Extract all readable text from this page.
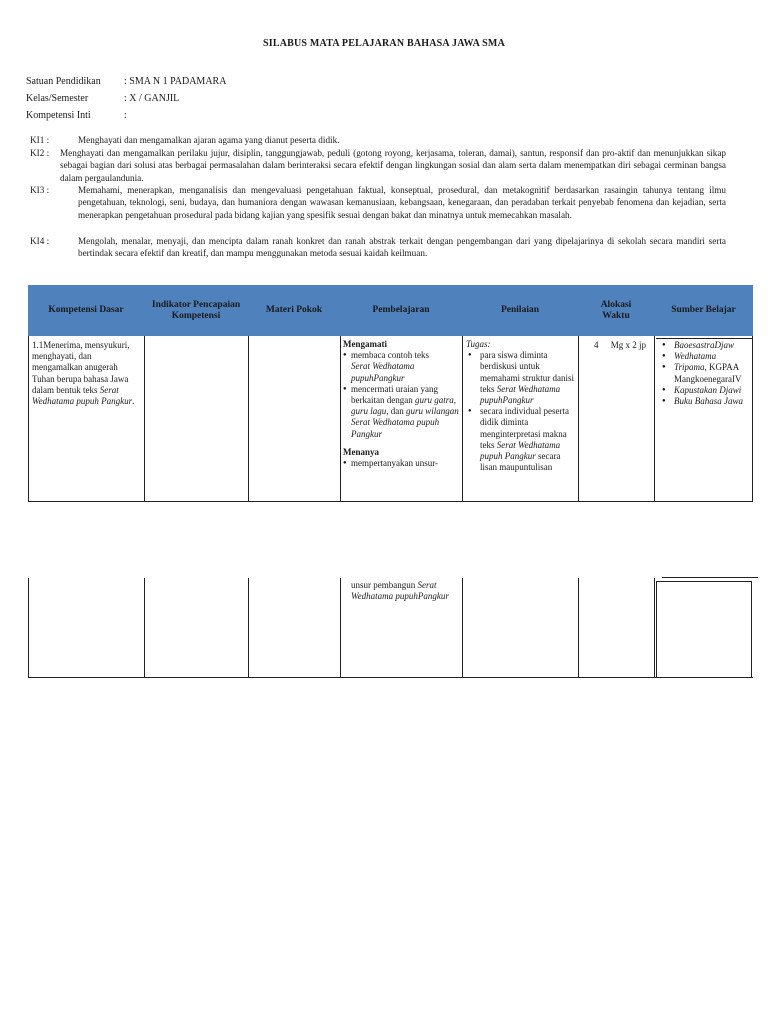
SILABUS MATA PELAJARAN BAHASA JAWA SMA
Satuan Pendidikan : SMA N 1 PADAMARA
Kelas/Semester	: X / GANJIL
Kompetensi Inti	:
KI1 :	Menghayati dan mengamalkan ajaran agama yang dianut peserta didik.
KI2 : Menghayati dan mengamalkan perilaku jujur, disiplin, tanggungjawab, peduli (gotong royong, kerjasama, toleran, damai), santun, responsif dan pro-aktif dan menunjukkan sikap sebagai bagian dari solusi atas berbagai permasalahan dalam berinteraksi secara efektif dengan lingkungan sosial dan alam serta dalam menempatkan diri sebagai cerminan bangsa dalam pergaulandunia.
KI3 :	Memahami, menerapkan, menganalisis dan mengevaluasi pengetahuan faktual, konseptual, prosedural, dan metakognitif berdasarkan rasaingin tahunya tentang ilmu pengetahuan, teknologi, seni, budaya, dan humaniora dengan wawasan kemanusiaan, kebangsaan, kenegaraan, dan peradaban terkait penyebab fenomena dan kejadian, serta menerapkan pengetahuan prosedural pada bidang kajian yang spesifik sesuai dengan bakat dan minatnya untuk memecahkan masalah.
KI4 :	Mengolah, menalar, menyaji, dan mencipta dalam ranah konkret dan ranah abstrak terkait dengan pengembangan dari yang dipelajarinya di sekolah secara mandiri serta bertindak secara efektif dan kreatif, dan mampu menggunakan metoda sesuai kaidah keilmuan.
Kompetensi Dasar
Indikator Pencapaian Kompetensi
Materi Pokok	Pembelajaran	Penilaian
Alokasi Waktu
Sumber Belajar
1.1Menerima, mensyukuri, menghayati, dan mengamalkan anugerah Tuhan berupa bahasa Jawa dalam bentuk teks Serat Wedhatama pupuh Pangkur.
Mengamati
● membaca contoh teks
Serat Wedhatama pupuhPangkur
● mencermati uraian yang berkaitan dengan guru gatra, guru lagu, dan guru wilangan Serat Wedhatama pupuh Pangkur
Menanya
● mempertanyakan unsur-
unsur pembangun Serat Wedhatama pupuhPangkur
Tugas:
● para siswa diminta berdiskusi untuk memahami struktur danisi teks Serat Wedhatama pupuhPangkur
● secara individual peserta didik diminta menginterpretasi makna teks Serat Wedhatama pupuh Pangkur secara lisan maupuntulisan
4 Mg x 2 jp
●	BaoesastraDjaw
● Wedhatama
● Tripama, KGPAA MangkoenegaraIV
● Kapustakan Djawi
● Buku Bahasa Jawa
